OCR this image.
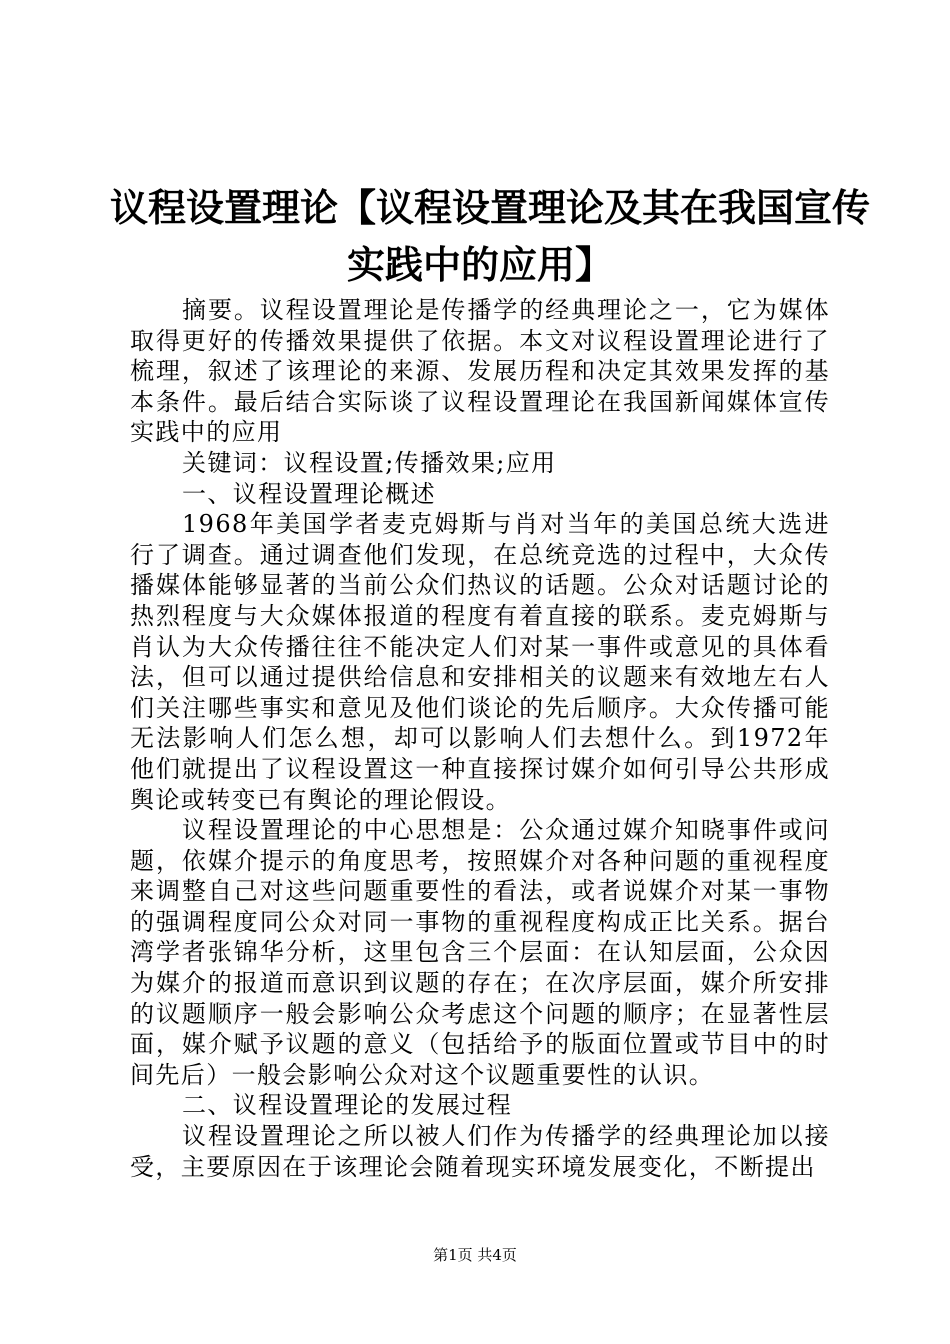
议程设置理论【议程设置理论及其在我国宣传
实践中的应用】

摘要。议程设置理论是传播学的经典理论之一，它为媒体取得更好的传播效果提供了依据。本文对议程设置理论进行了梳理，叙述了该理论的来源、发展历程和决定其效果发挥的基本条件。最后结合实际谈了议程设置理论在我国新闻媒体宣传实践中的应用

关键词：议程设置;传播效果;应用

一、议程设置理论概述

1968年美国学者麦克姆斯与肖对当年的美国总统大选进行了调查。通过调查他们发现，在总统竞选的过程中，大众传播媒体能够显著的当前公众们热议的话题。公众对话题讨论的热烈程度与大众媒体报道的程度有着直接的联系。麦克姆斯与肖认为大众传播往往不能决定人们对某一事件或意见的具体看法，但可以通过提供给信息和安排相关的议题来有效地左右人们关注哪些事实和意见及他们谈论的先后顺序。大众传播可能无法影响人们怎么想，却可以影响人们去想什么。到1972年他们就提出了议程设置这一种直接探讨媒介如何引导公共形成舆论或转变已有舆论的理论假设。

议程设置理论的中心思想是：公众通过媒介知晓事件或问题，依媒介提示的角度思考，按照媒介对各种问题的重视程度来调整自己对这些问题重要性的看法，或者说媒介对某一事物的强调程度同公众对同一事物的重视程度构成正比关系。据台湾学者张锦华分析，这里包含三个层面：在认知层面，公众因为媒介的报道而意识到议题的存在；在次序层面，媒介所安排的议题顺序一般会影响公众考虑这个问题的顺序；在显著性层面，媒介赋予议题的意义（包括给予的版面位置或节目中的时间先后）一般会影响公众对这个议题重要性的认识。

二、议程设置理论的发展过程

议程设置理论之所以被人们作为传播学的经典理论加以接受，主要原因在于该理论会随着现实环境发展变化，不断提出

第1页 共4页
